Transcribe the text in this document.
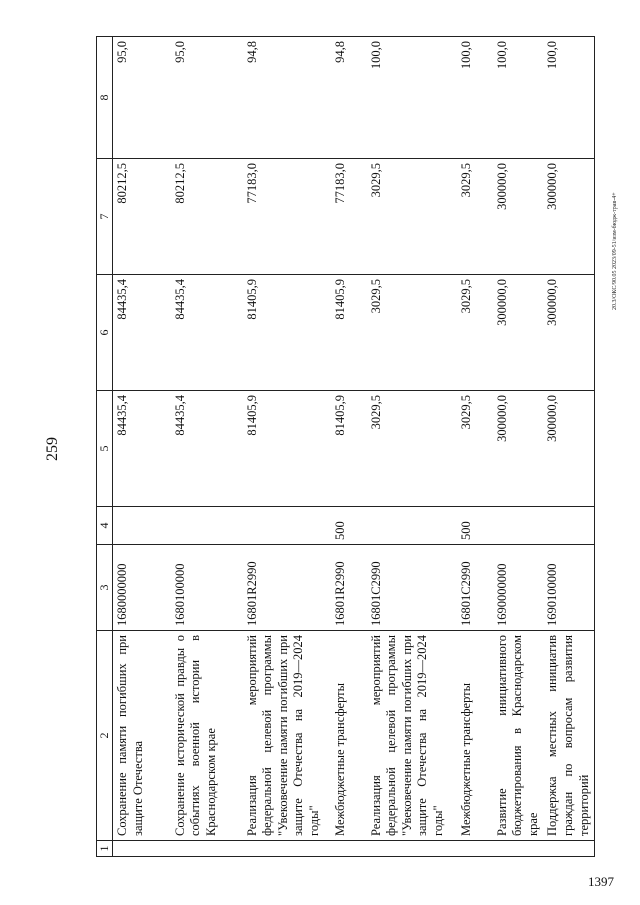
259
1397
20.3/ОКС/90.05 2023/09-51/изм-бюдж-трав-4+
1	2	3	4	5	6	7	8
	Сохранение памяти погибших при защите Отечества	1680000000		84435,4	84435,4	80212,5	95,0
	Сохранение исторической правды о событиях военной истории в Краснодарском крае	1680100000		84435,4	84435,4	80212,5	95,0
	Реализация мероприятий федеральной целевой программы "Увековечение памяти погибших при защите Отечества на 2019—2024 годы"	16801R2990		81405,9	81405,9	77183,0	94,8
	Межбюджетные трансферты	16801R2990	500	81405,9	81405,9	77183,0	94,8
	Реализация мероприятий федеральной целевой программы "Увековечение памяти погибших при защите Отечества на 2019—2024 годы"	16801C2990		3029,5	3029,5	3029,5	100,0
	Межбюджетные трансферты	16801C2990	500	3029,5	3029,5	3029,5	100,0
	Развитие инициативного бюджетирования в Краснодарском крае	1690000000		300000,0	300000,0	300000,0	100,0
	Поддержка местных инициатив граждан по вопросам развития территорий	1690100000		300000,0	300000,0	300000,0	100,0
